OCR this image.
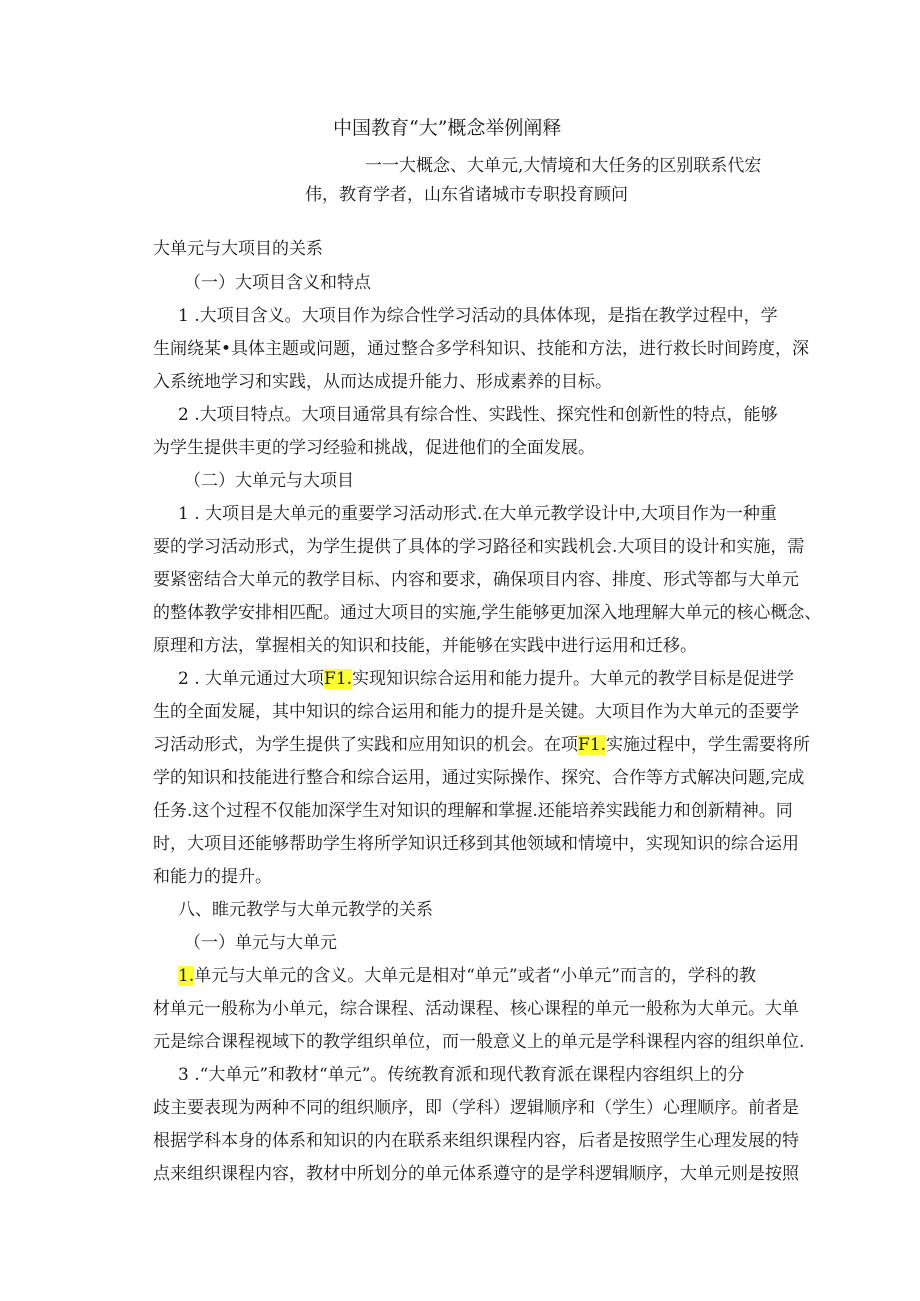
中国教育“大”概念举例阐释
一一大概念、大单元,大情境和大任务的区别联系代宏
伟，教育学者，山东省诸城市专职投育顾问
大单元与大项目的关系
（一）大项目含义和特点
1 .大项目含义。大项目作为综合性学习活动的具体体现，是指在教学过程中，学
生闹绕某•具体主题或问题，通过整合多学科知识、技能和方法，进行救长时间跨度，深
入系统地学习和实践，从而达成提升能力、形成素养的目标。
2 .大项目特点。大项目通常具有综合性、实践性、探究性和创新性的特点，能够
为学生提供丰更的学习经验和挑战，促进他们的全面发展。
（二）大单元与大项目
1 . 大项目是大单元的重要学习活动形式.在大单元教学设计中,大项目作为一种重
要的学习活动形式，为学生提供了具体的学习路径和实践机会.大项目的设计和实施，需
要紧密结合大单元的教学目标、内容和要求，确保项目内容、排度、形式等都与大单元
的整体教学安排相匹配。通过大项目的实施,学生能够更加深入地理解大单元的核心概念、
原理和方法，掌握相关的知识和技能，并能够在实践中进行运用和迁移。
2 . 大单元通过大项F1.实现知识综合运用和能力提升。大单元的教学目标是促进学
生的全面发屣，其中知识的综合运用和能力的提升是关键。大项目作为大单元的歪要学
习活动形式，为学生提供了实践和应用知识的机会。在项F1.实施过程中，学生需要将所
学的知识和技能进行整合和综合运用，通过实际操作、探究、合作等方式解决问题,完成
任务.这个过程不仅能加深学生对知识的理解和掌握.还能培养实践能力和创新精神。同
时，大项目还能够帮助学生将所学知识迁移到其他领域和情境中，实现知识的综合运用
和能力的提升。
八、睢元教学与大单元教学的关系
（一）单元与大单元
1.单元与大单元的含义。大单元是相对“单元”或者“小单元”而言的，学科的教
材单元一般称为小单元，综合课程、活动课程、核心课程的单元一般称为大单元。大单
元是综合课程视域下的教学组织单位，而一般意义上的单元是学科课程内容的组织单位.
3 .“大单元”和教材“单元”。传统教育派和现代教育派在课程内容组织上的分
歧主要表现为两种不同的组织顺序，即（学科）逻辑顺序和（学生）心理顺序。前者是
根据学科本身的体系和知识的内在联系来组织课程内容，后者是按照学生心理发展的特
点来组织课程内容，教材中所划分的单元体系遵守的是学科逻辑顺序，大单元则是按照
